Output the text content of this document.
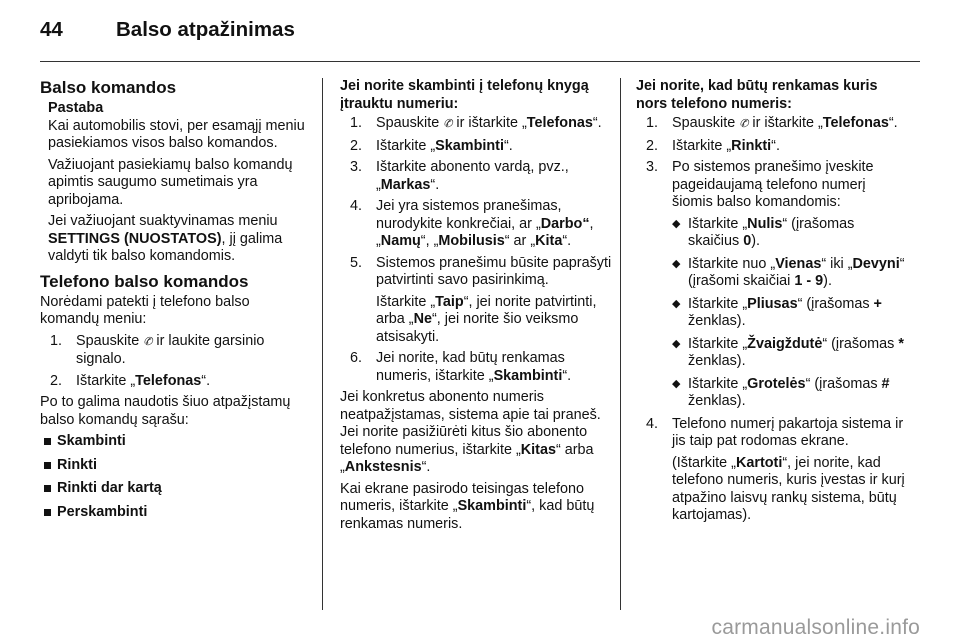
44	Balso atpažinimas
Balso komandos
Pastaba

Kai automobilis stovi, per esamąjį meniu pasiekiamos visos balso komandos.

Važiuojant pasiekiamų balso komandų apimtis saugumo sumetimais yra apribojama.

Jei važiuojant suaktyvinamas meniu SETTINGS (NUOSTATOS), jį galima valdyti tik balso komandomis.

Telefono balso komandos

Norėdami patekti į telefono balso komandų meniu:

1. Spauskite ✆ ir laukite garsinio signalo.
2. Ištarkite „Telefonas“.

Po to galima naudotis šiuo atpažįstamų balso komandų sąrašu:

Skambinti
Rinkti
Rinkti dar kartą
Perskambinti
Jei norite skambinti į telefonų knygą įtrauktu numeriu:
1. Spauskite ✆ ir ištarkite „Telefonas“.
2. Ištarkite „Skambinti“.
3. Ištarkite abonento vardą, pvz., „Markas“.
4. Jei yra sistemos pranešimas, nurodykite konkrečiai, ar „Darbo“, „Namų“, „Mobilusis“ ar „Kita“.
5. Sistemos pranešimu būsite paprašyti patvirtinti savo pasirinkimą.

Ištarkite „Taip“, jei norite patvirtinti, arba „Ne“, jei norite šio veiksmo atsisakyti.

6. Jei norite, kad būtų renkamas numeris, ištarkite „Skambinti“.

Jei konkretus abonento numeris neatpažįstamas, sistema apie tai praneš. Jei norite pasižiūrėti kitus šio abonento telefono numerius, ištarkite „Kitas“ arba „Ankstesnis“.

Kai ekrane pasirodo teisingas telefono numeris, ištarkite „Skambinti“, kad būtų renkamas numeris.

Jei norite, kad būtų renkamas kuris nors telefono numeris:
1. Spauskite ✆ ir ištarkite „Telefonas“.
2. Ištarkite „Rinkti“.
3. Po sistemos pranešimo įveskite pageidaujamą telefono numerį šiomis balso komandomis:
◆ Ištarkite „Nulis“ (įrašomas skaičius 0).
◆ Ištarkite nuo „Vienas“ iki „Devyni“ (įrašomi skaičiai 1 - 9).
◆ Ištarkite „Pliusas“ (įrašomas + ženklas).
◆ Ištarkite „Žvaigždutė“ (įrašomas * ženklas).
◆ Ištarkite „Grotelės“ (įrašomas # ženklas).
4. Telefono numerį pakartoja sistema ir jis taip pat rodomas ekrane.

(Ištarkite „Kartoti“, jei norite, kad telefono numeris, kuris įvestas ir kurį atpažino laisvų rankų sistema, būtų kartojamas).

carmanualsonline.info
